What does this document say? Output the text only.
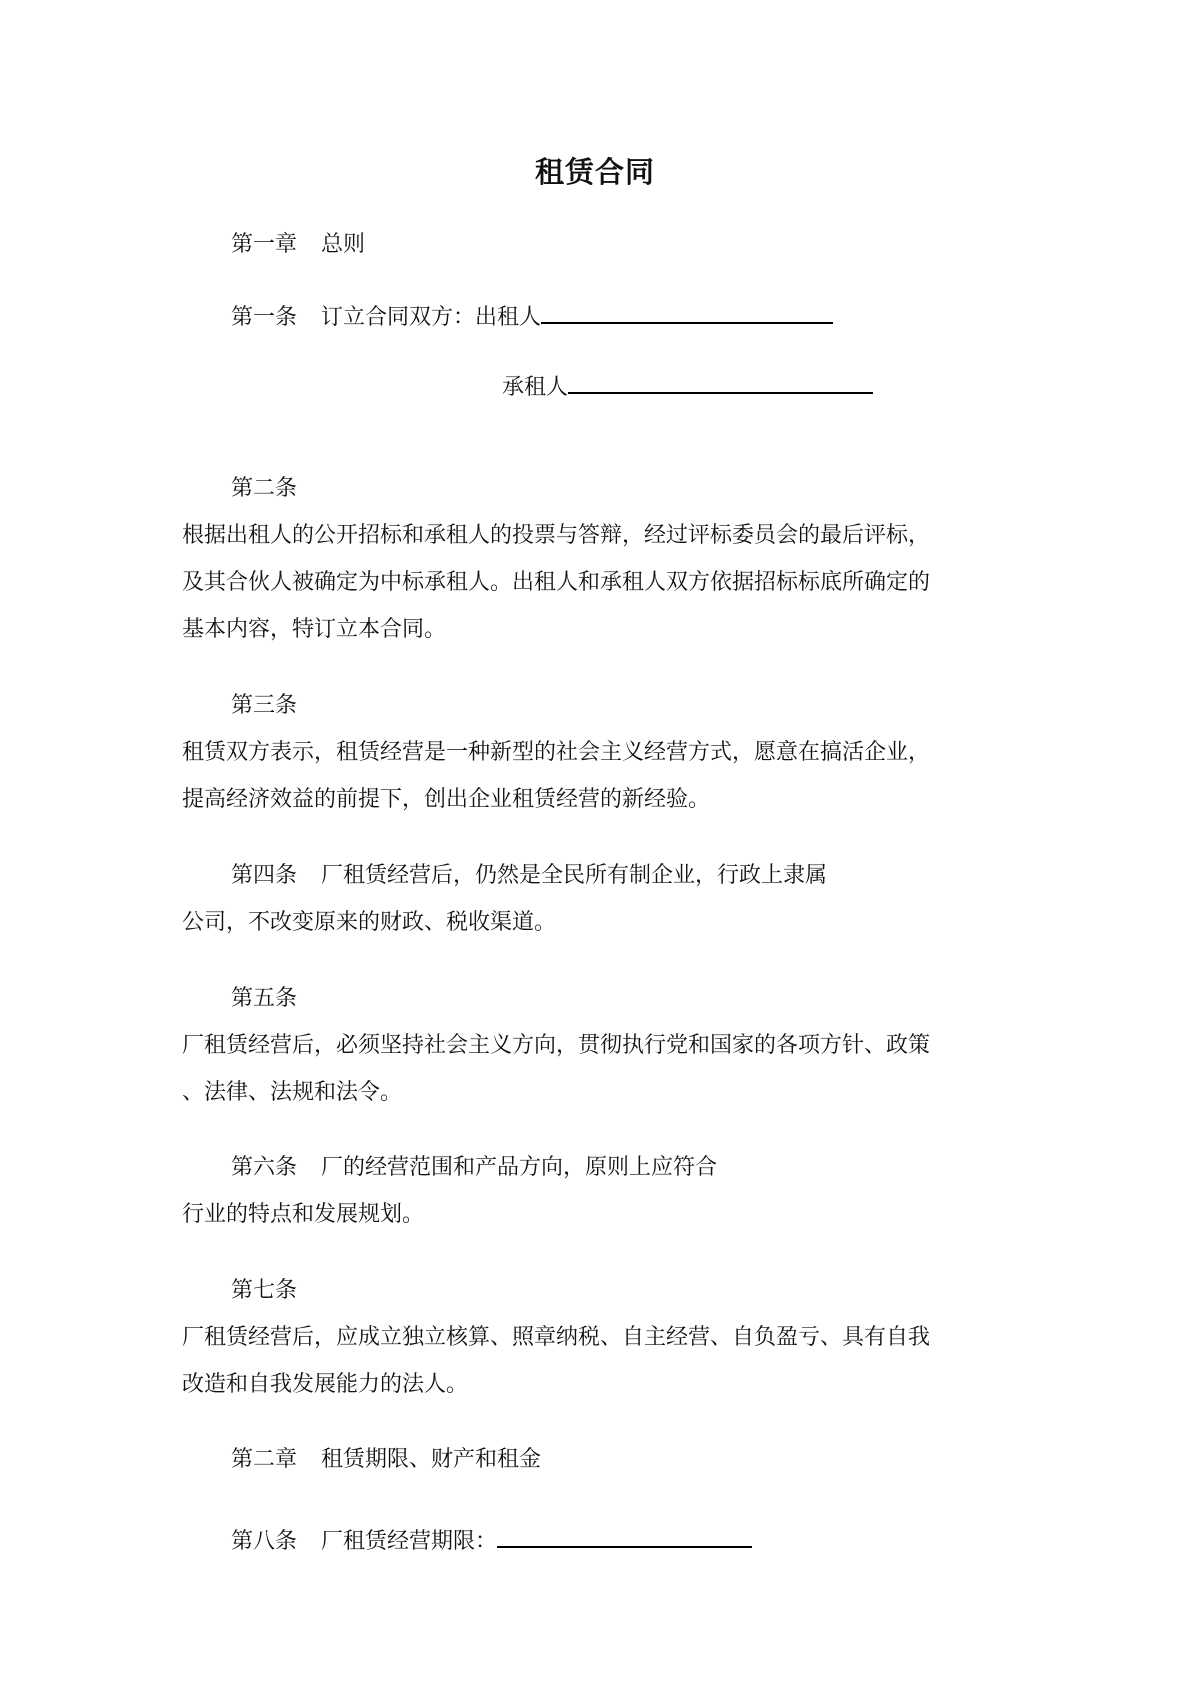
租赁合同
第一章 总则
第一条 订立合同双方：出租人
承租人
第二条
根据出租人的公开招标和承租人的投票与答辩，经过评标委员会的最后评标，
及其合伙人被确定为中标承租人。出租人和承租人双方依据招标标底所确定的
基本内容，特订立本合同。
第三条
租赁双方表示，租赁经营是一种新型的社会主义经营方式，愿意在搞活企业，
提高经济效益的前提下，创出企业租赁经营的新经验。
第四条 厂租赁经营后，仍然是全民所有制企业，行政上隶属
公司，不改变原来的财政、税收渠道。
第五条
厂租赁经营后，必须坚持社会主义方向，贯彻执行党和国家的各项方针、政策
、法律、法规和法令。
第六条 厂的经营范围和产品方向，原则上应符合
行业的特点和发展规划。
第七条
厂租赁经营后，应成立独立核算、照章纳税、自主经营、自负盈亏、具有自我
改造和自我发展能力的法人。
第二章 租赁期限、财产和租金
第八条 厂租赁经营期限：
